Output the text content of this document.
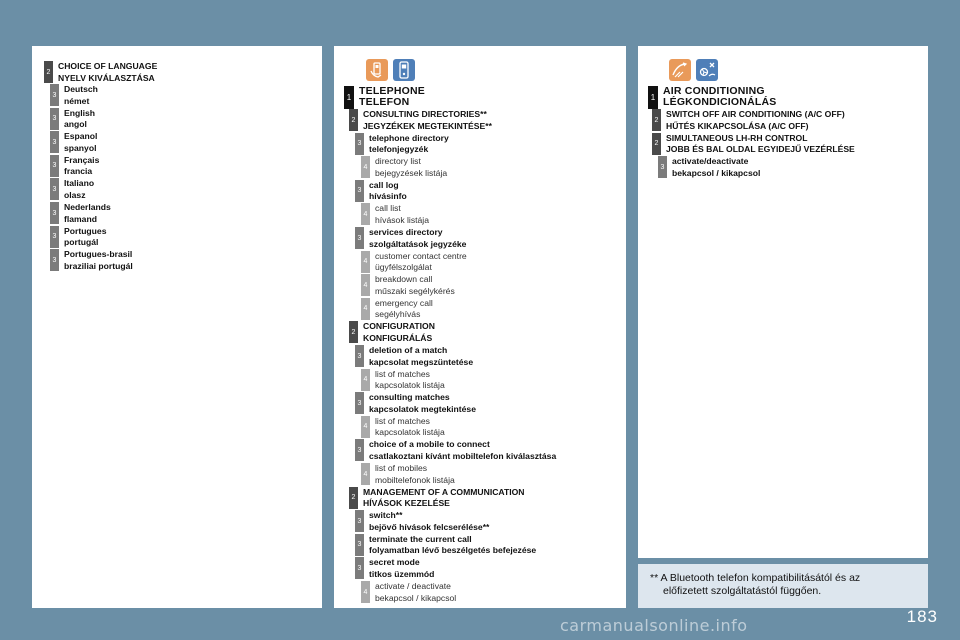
2
CHOICE OF LANGUAGE
NYELV KIVÁLASZTÁSA
3
Deutsch
német
3
English
angol
3
Espanol
spanyol
3
Français
francia
3
Italiano
olasz
3
Nederlands
flamand
3
Portugues
portugál
3
Portugues-brasil
braziliai portugál
1 TELEPHONE
TELEFON
2
CONSULTING DIRECTORIES**
JEGYZÉKEK MEGTEKINTÉSE**
3
telephone directory
telefonjegyzék
4
directory list
bejegyzések listája
3
call log
hívásinfo
4
call list
hívások listája
3
services directory
szolgáltatások jegyzéke
4
customer contact centre
ügyfélszolgálat
4
breakdown call
műszaki segélykérés
4
emergency call
segélyhívás
2
CONFIGURATION
KONFIGURÁLÁS
3
deletion of a match
kapcsolat megszüntetése
4
list of matches
kapcsolatok listája
3
consulting matches
kapcsolatok megtekintése
4
list of matches
kapcsolatok listája
3
choice of a mobile to connect
csatlakoztani kívánt mobiltelefon kiválasztása
4
list of mobiles
mobiltelefonok listája
2
MANAGEMENT OF A COMMUNICATION
HÍVÁSOK KEZELÉSE
3
switch**
bejövő hívások felcserélése**
3
terminate the current call
folyamatban lévő beszélgetés befejezése
3
secret mode
titkos üzemmód
4
activate / deactivate
bekapcsol / kikapcsol
1 AIR CONDITIONING
LÉGKONDICIONÁLÁS
2
SWITCH OFF AIR CONDITIONING (A/C OFF)
HŰTÉS KIKAPCSOLÁSA (A/C OFF)
2
SIMULTANEOUS LH-RH CONTROL
JOBB ÉS BAL OLDAL EGYIDEJŰ VEZÉRLÉSE
3
activate/deactivate
bekapcsol / kikapcsol
** A Bluetooth telefon kompatibilitásától és az
előfizetett szolgáltatástól függően.
183
carmanualsonline.info
